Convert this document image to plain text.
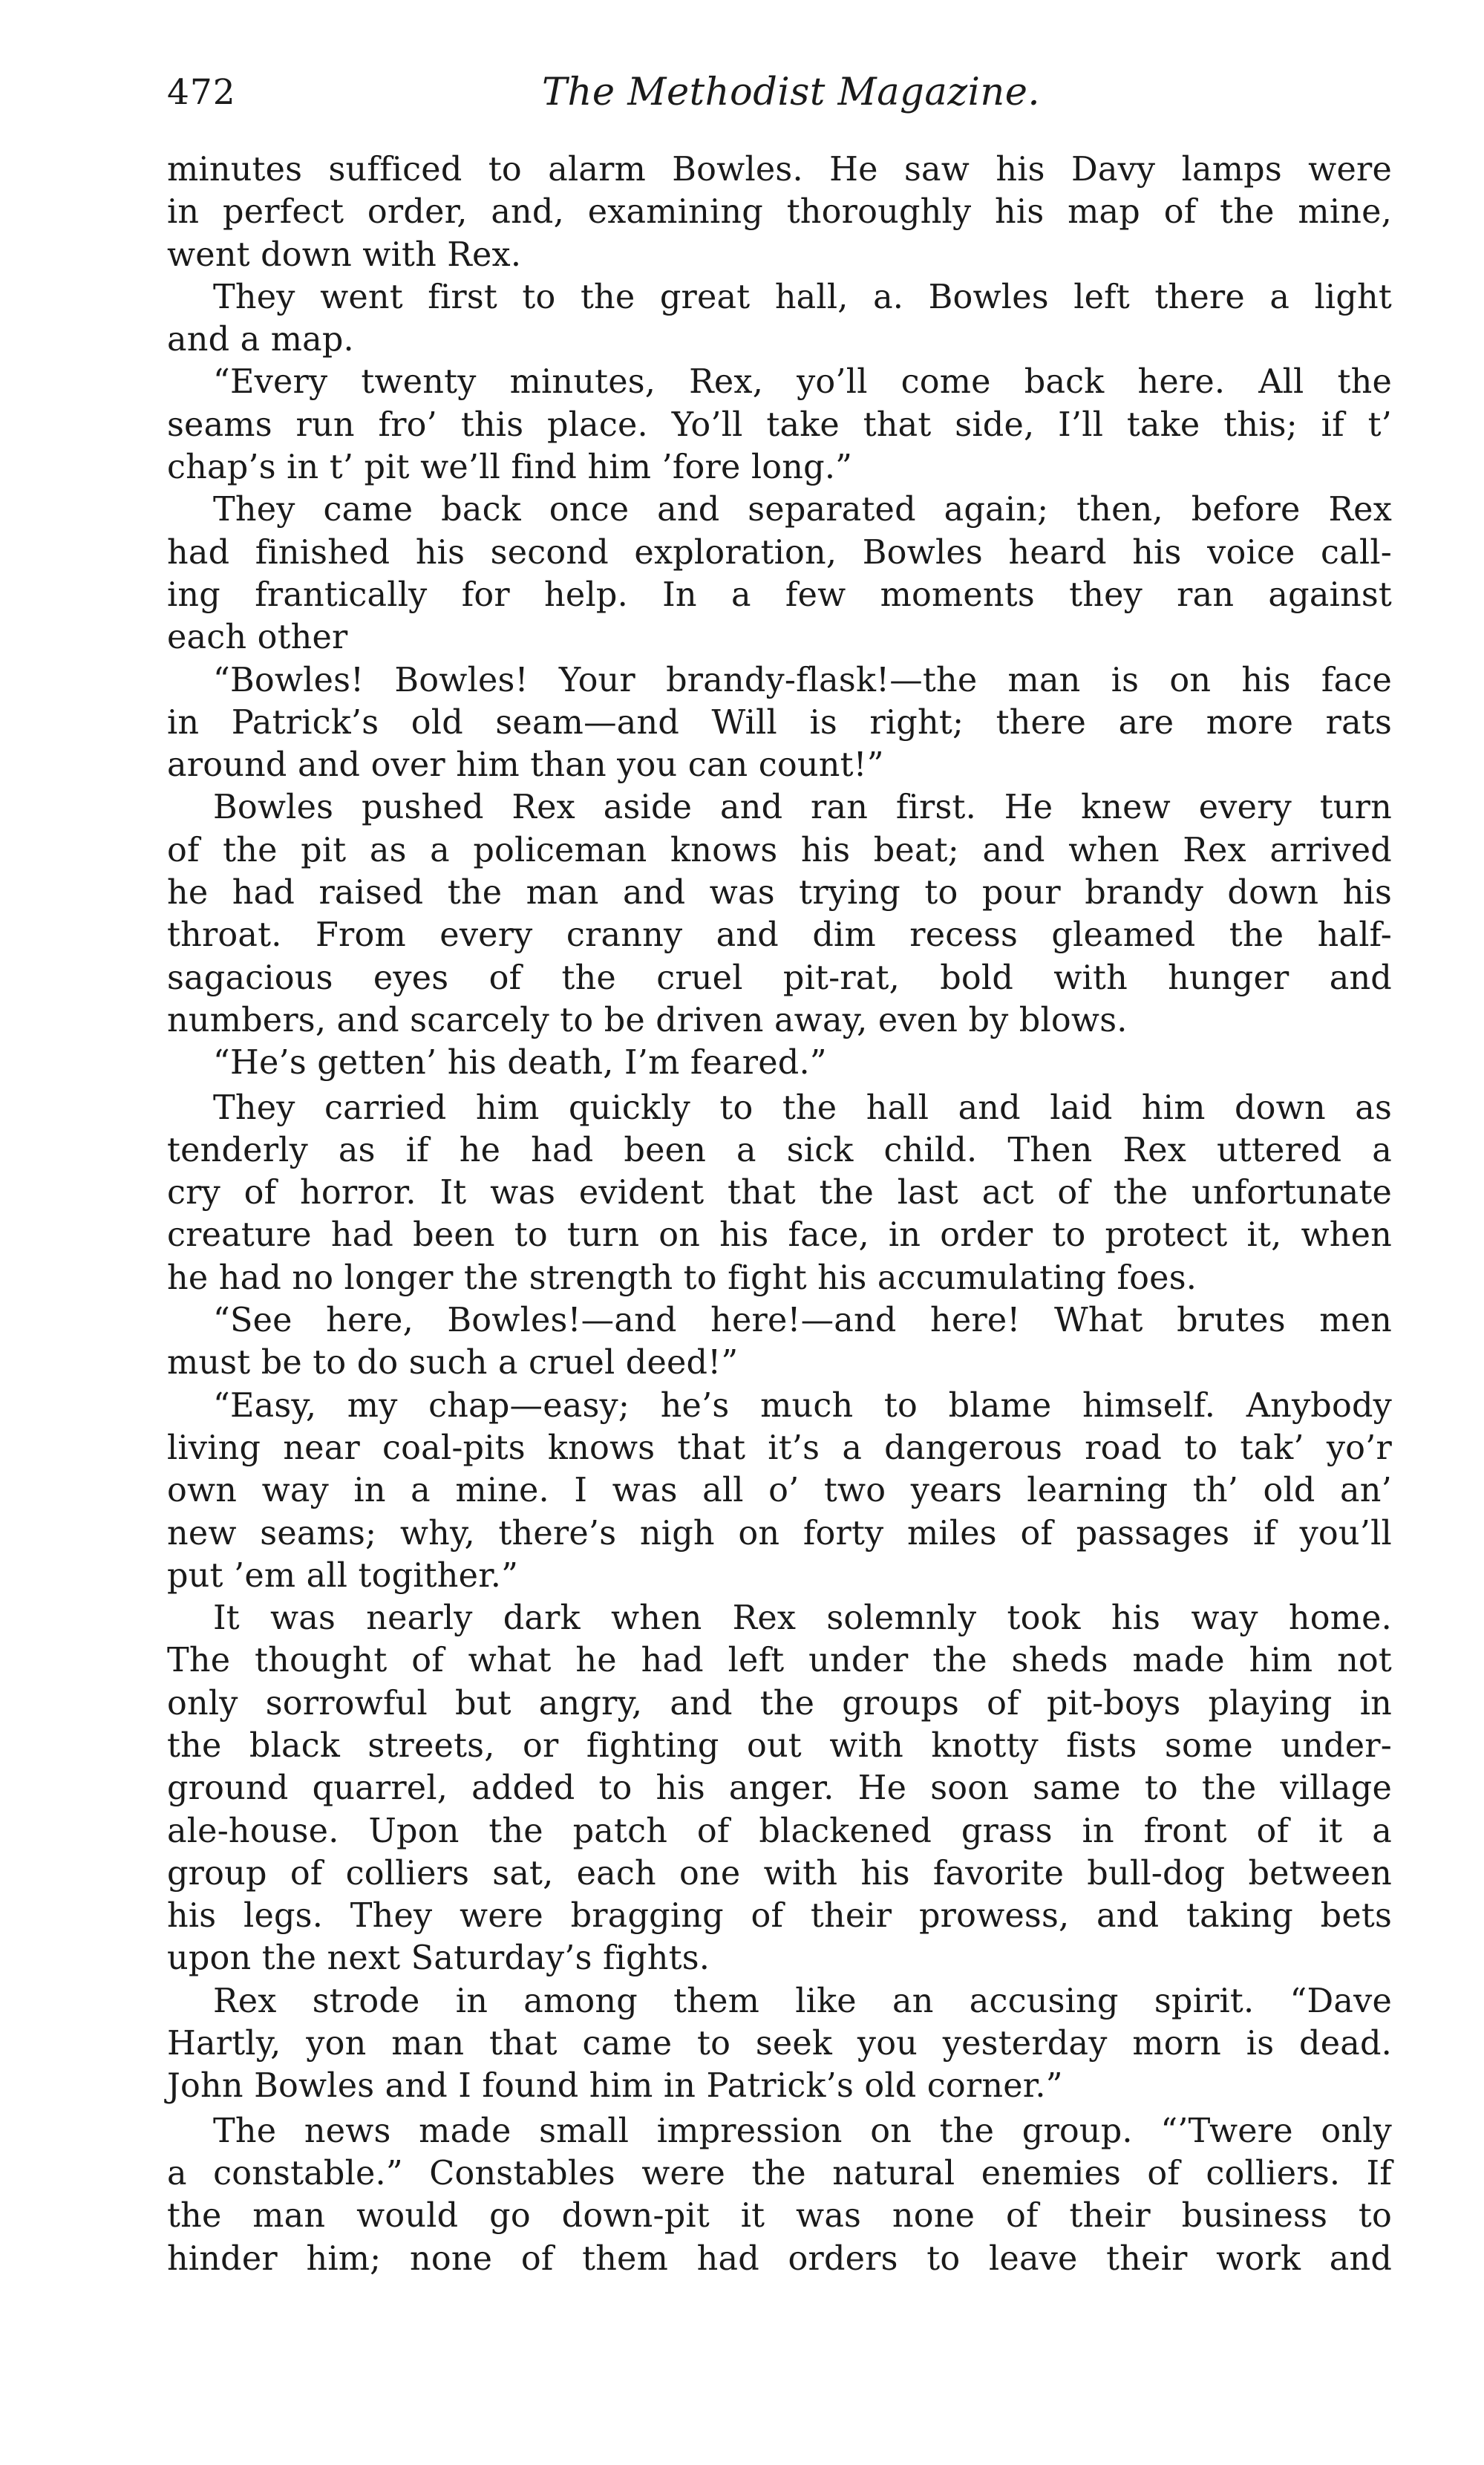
472	The Methodist Magazine.
minutes sufficed to alarm Bowles. He saw his Davy lamps were
in perfect order, and, examining thoroughly his map of the mine,
went down with Rex.
They went first to the great hall, a. Bowles left there a light
and a map.
“Every twenty minutes, Rex, yo’ll come back here. All the
seams run fro’ this place. Yo’ll take that side, I’ll take this; if t’
chap’s in t’ pit we’ll find him ’fore long.”
They came back once and separated again; then, before Rex
had finished his second exploration, Bowles heard his voice call-
ing frantically for help. In a few moments they ran against
each other
“Bowles! Bowles! Your brandy-flask!—the man is on his face
in Patrick’s old seam—and Will is right; there are more rats
around and over him than you can count!”
Bowles pushed Rex aside and ran first. He knew every turn
of the pit as a policeman knows his beat; and when Rex arrived
he had raised the man and was trying to pour brandy down his
throat. From every cranny and dim recess gleamed the half-
sagacious eyes of the cruel pit-rat, bold with hunger and
numbers, and scarcely to be driven away, even by blows.
“He’s getten’ his death, I’m feared.”
They carried him quickly to the hall and laid him down as
tenderly as if he had been a sick child. Then Rex uttered a
cry of horror. It was evident that the last act of the unfortunate
creature had been to turn on his face, in order to protect it, when
he had no longer the strength to fight his accumulating foes.
“See here, Bowles!—and here!—and here! What brutes men
must be to do such a cruel deed!”
“Easy, my chap—easy; he’s much to blame himself. Anybody
living near coal-pits knows that it’s a dangerous road to tak’ yo’r
own way in a mine. I was all o’ two years learning th’ old an’
new seams; why, there’s nigh on forty miles of passages if you’ll
put ’em all togither.”
It was nearly dark when Rex solemnly took his way home.
The thought of what he had left under the sheds made him not
only sorrowful but angry, and the groups of pit-boys playing in
the black streets, or fighting out with knotty fists some under-
ground quarrel, added to his anger. He soon same to the village
ale-house. Upon the patch of blackened grass in front of it a
group of colliers sat, each one with his favorite bull-dog between
his legs. They were bragging of their prowess, and taking bets
upon the next Saturday’s fights.
Rex strode in among them like an accusing spirit. “Dave
Hartly, yon man that came to seek you yesterday morn is dead.
John Bowles and I found him in Patrick’s old corner.”
The news made small impression on the group. “’Twere only
a constable.” Constables were the natural enemies of colliers. If
the man would go down-pit it was none of their business to
hinder him; none of them had orders to leave their work and
